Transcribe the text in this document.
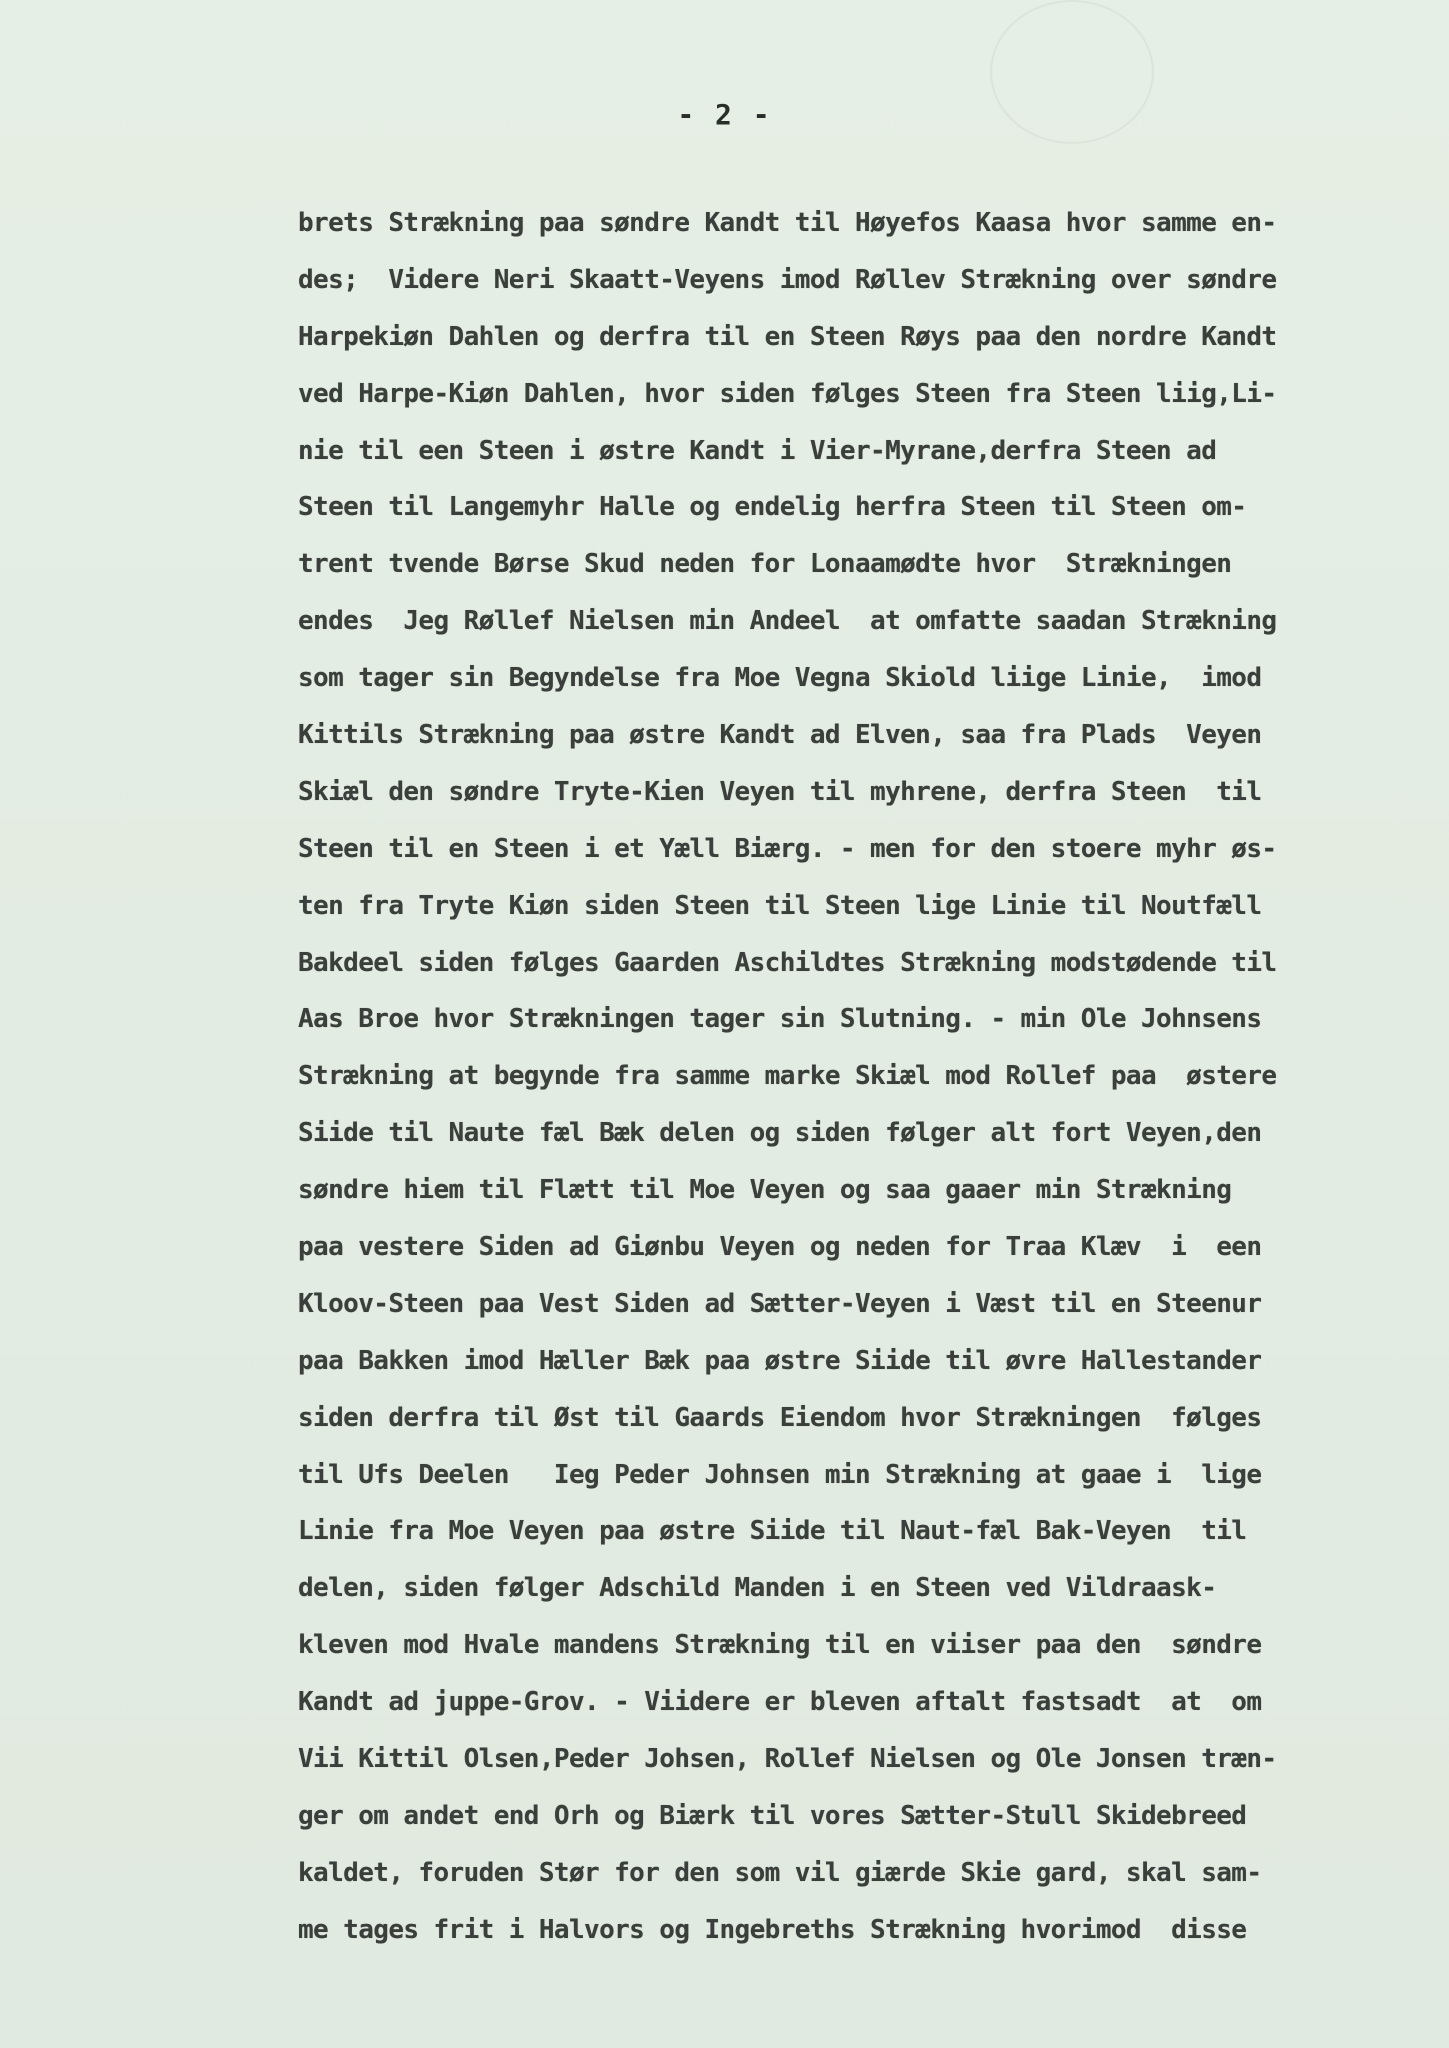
- 2 -
brets Strækning paa søndre Kandt til Høyefos Kaasa hvor samme en-
des;  Videre Neri Skaatt-Veyens imod Røllev Strækning over søndre
Harpekiøn Dahlen og derfra til en Steen Røys paa den nordre Kandt
ved Harpe-Kiøn Dahlen, hvor siden følges Steen fra Steen liig,Li-
nie til een Steen i østre Kandt i Vier-Myrane,derfra Steen ad
Steen til Langemyhr Halle og endelig herfra Steen til Steen om-
trent tvende Børse Skud neden for Lonaamødte hvor  Strækningen
endes  Jeg Røllef Nielsen min Andeel  at omfatte saadan Strækning
som tager sin Begyndelse fra Moe Vegna Skiold liige Linie,  imod
Kittils Strækning paa østre Kandt ad Elven, saa fra Plads  Veyen
Skiæl den søndre Tryte-Kien Veyen til myhrene, derfra Steen  til
Steen til en Steen i et Yæll Biærg. - men for den stoere myhr øs-
ten fra Tryte Kiøn siden Steen til Steen lige Linie til Noutfæll
Bakdeel siden følges Gaarden Aschildtes Strækning modstødende til
Aas Broe hvor Strækningen tager sin Slutning. - min Ole Johnsens
Strækning at begynde fra samme marke Skiæl mod Rollef paa  østere
Siide til Naute fæl Bæk delen og siden følger alt fort Veyen,den
søndre hiem til Flætt til Moe Veyen og saa gaaer min Strækning
paa vestere Siden ad Giønbu Veyen og neden for Traa Klæv  i  een
Kloov-Steen paa Vest Siden ad Sætter-Veyen i Væst til en Steenur
paa Bakken imod Hæller Bæk paa østre Siide til øvre Hallestander
siden derfra til Øst til Gaards Eiendom hvor Strækningen  følges
til Ufs Deelen   Ieg Peder Johnsen min Strækning at gaae i  lige
Linie fra Moe Veyen paa østre Siide til Naut-fæl Bak-Veyen  til
delen, siden følger Adschild Manden i en Steen ved Vildraask-
kleven mod Hvale mandens Strækning til en viiser paa den  søndre
Kandt ad juppe-Grov. - Viidere er bleven aftalt fastsadt  at  om
Vii Kittil Olsen,Peder Johsen, Rollef Nielsen og Ole Jonsen træn-
ger om andet end Orh og Biærk til vores Sætter-Stull Skidebreed
kaldet, foruden Stør for den som vil giærde Skie gard, skal sam-
me tages frit i Halvors og Ingebreths Strækning hvorimod  disse
